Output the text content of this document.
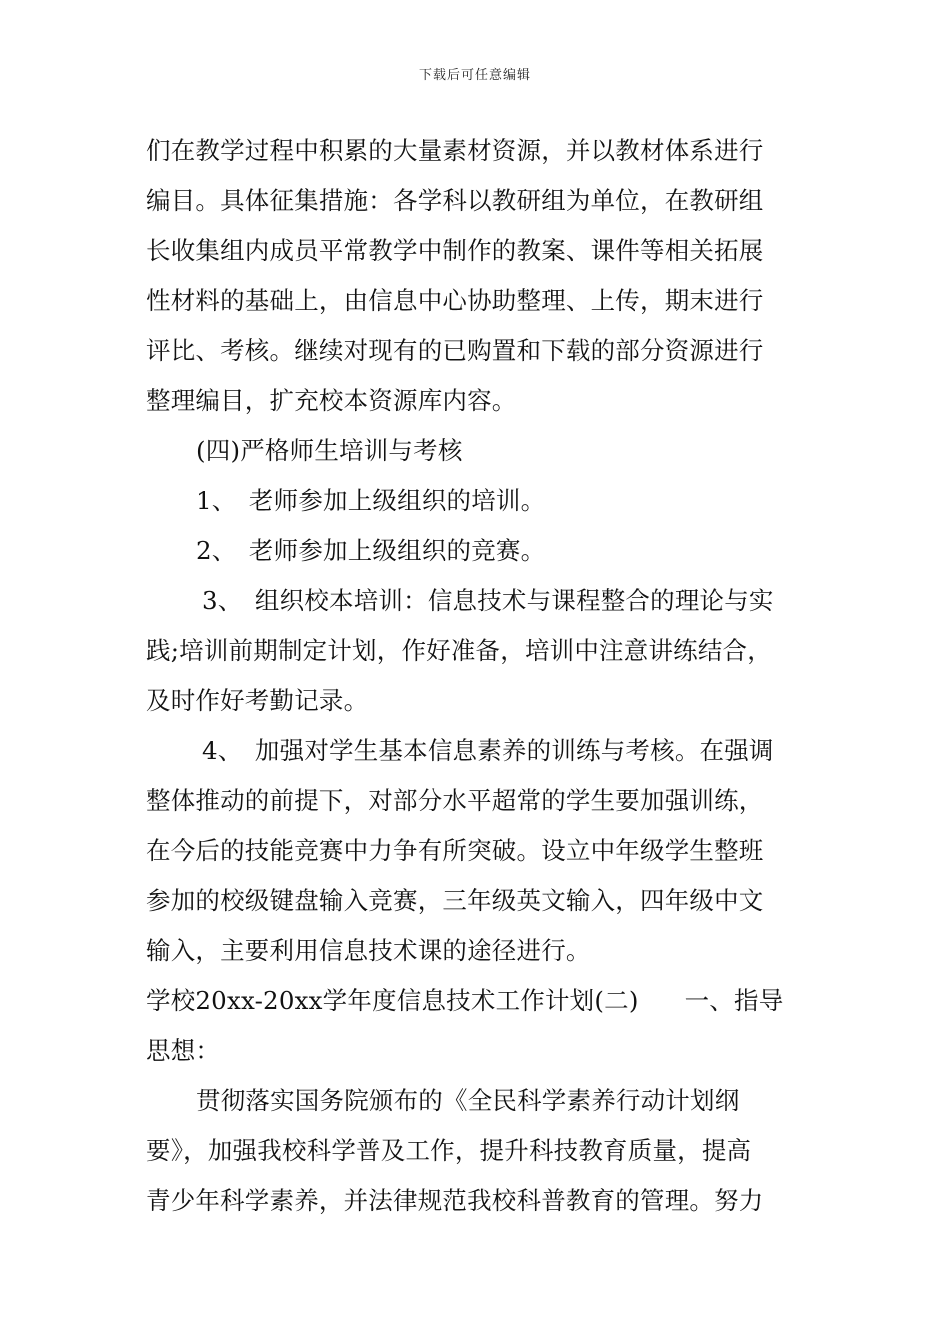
下载后可任意编辑
们在教学过程中积累的大量素材资源，并以教材体系进行
编目。具体征集措施：各学科以教研组为单位，在教研组
长收集组内成员平常教学中制作的教案、课件等相关拓展
性材料的基础上，由信息中心协助整理、上传，期末进行
评比、考核。继续对现有的已购置和下载的部分资源进行
整理编目，扩充校本资源库内容。
(四)严格师生培训与考核
1、　老师参加上级组织的培训。
2、　老师参加上级组织的竞赛。
3、　组织校本培训：信息技术与课程整合的理论与实
践;培训前期制定计划，作好准备，培训中注意讲练结合，
及时作好考勤记录。
4、　加强对学生基本信息素养的训练与考核。在强调
整体推动的前提下，对部分水平超常的学生要加强训练，
在今后的技能竞赛中力争有所突破。设立中年级学生整班
参加的校级键盘输入竞赛，三年级英文输入，四年级中文
输入，主要利用信息技术课的途径进行。
学校20xx-20xx学年度信息技术工作计划(二) 一、指导
思想：
贯彻落实国务院颁布的《全民科学素养行动计划纲
要》，加强我校科学普及工作，提升科技教育质量，提高
青少年科学素养，并法律规范我校科普教育的管理。努力
